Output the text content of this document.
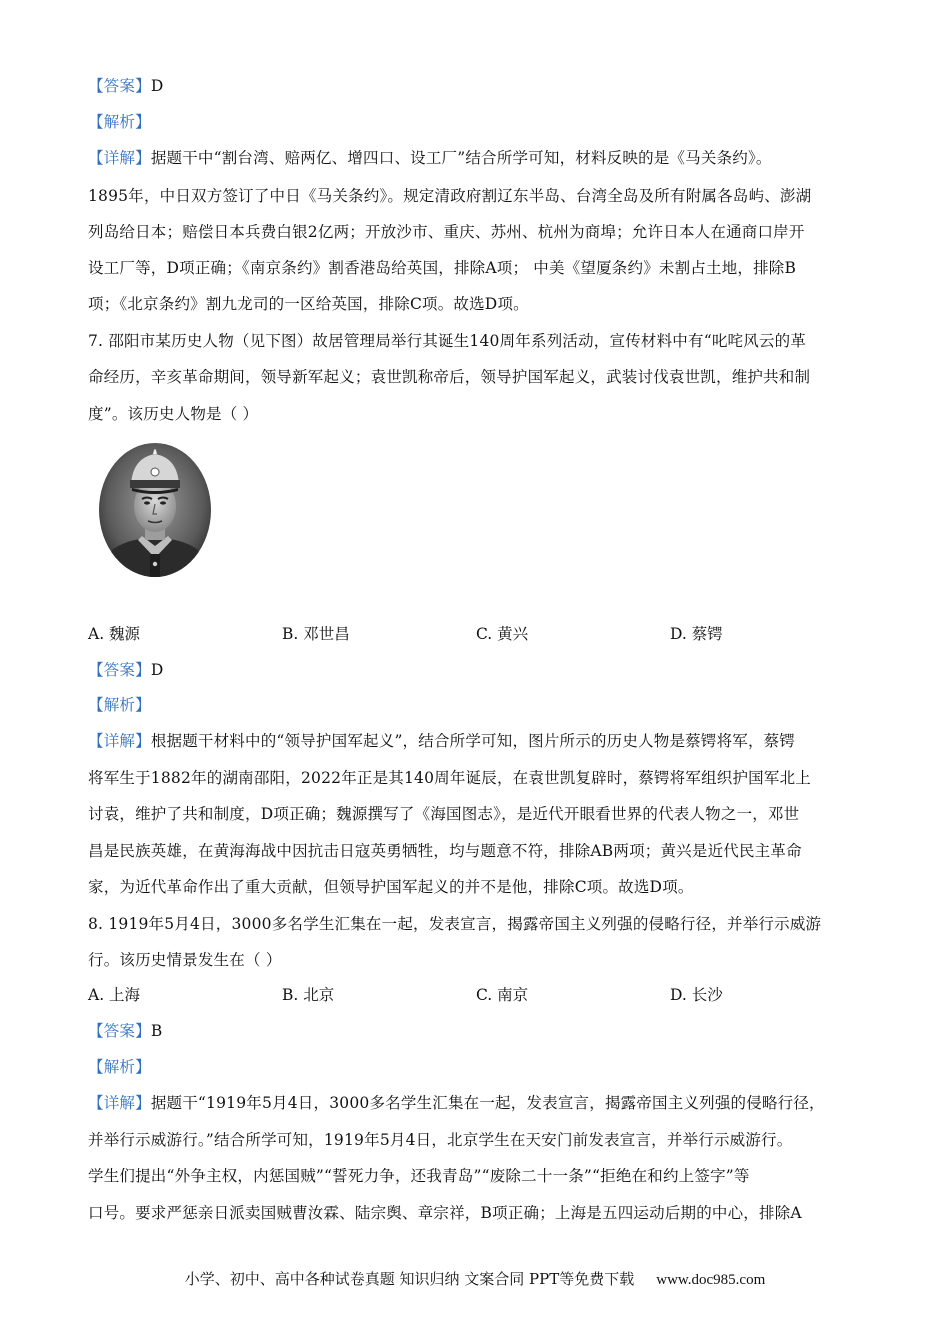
【答案】D
【解析】
【详解】据题干中“割台湾、赔两亿、增四口、设工厂”结合所学可知，材料反映的是《马关条约》。
1895年，中日双方签订了中日《马关条约》。规定清政府割辽东半岛、台湾全岛及所有附属各岛屿、澎湖
列岛给日本；赔偿日本兵费白银2亿两；开放沙市、重庆、苏州、杭州为商埠；允许日本人在通商口岸开
设工厂等，D项正确；《南京条约》割香港岛给英国，排除A项； 中美《望厦条约》未割占土地，排除B
项；《北京条约》割九龙司的一区给英国，排除C项。故选D项。
7. 邵阳市某历史人物（见下图）故居管理局举行其诞生140周年系列活动，宣传材料中有“叱咤风云的革
命经历，辛亥革命期间，领导新军起义；袁世凯称帝后，领导护国军起义，武装讨伐袁世凯，维护共和制
度”。该历史人物是（ ）
A. 魏源	B. 邓世昌	C. 黄兴	D. 蔡锷
【答案】D
【解析】
【详解】根据题干材料中的“领导护国军起义”，结合所学可知，图片所示的历史人物是蔡锷将军，蔡锷
将军生于1882年的湖南邵阳，2022年正是其140周年诞辰，在袁世凯复辟时，蔡锷将军组织护国军北上
讨袁，维护了共和制度，D项正确；魏源撰写了《海国图志》，是近代开眼看世界的代表人物之一，邓世
昌是民族英雄，在黄海海战中因抗击日寇英勇牺牲，均与题意不符，排除AB两项；黄兴是近代民主革命
家，为近代革命作出了重大贡献，但领导护国军起义的并不是他，排除C项。故选D项。
8. 1919年5月4日，3000多名学生汇集在一起，发表宣言，揭露帝国主义列强的侵略行径，并举行示威游
行。该历史情景发生在（ ）
A. 上海	B. 北京	C. 南京	D. 长沙
【答案】B
【解析】
【详解】据题干“1919年5月4日，3000多名学生汇集在一起，发表宣言，揭露帝国主义列强的侵略行径，
并举行示威游行。”结合所学可知，1919年5月4日，北京学生在天安门前发表宣言，并举行示威游行。
学生们提出“外争主权，内惩国贼”“誓死力争，还我青岛”“废除二十一条”“拒绝在和约上签字”等
口号。要求严惩亲日派卖国贼曹汝霖、陆宗舆、章宗祥，B项正确；上海是五四运动后期的中心，排除A
小学、初中、高中各种试卷真题 知识归纳 文案合同 PPT等免费下载 www.doc985.com
